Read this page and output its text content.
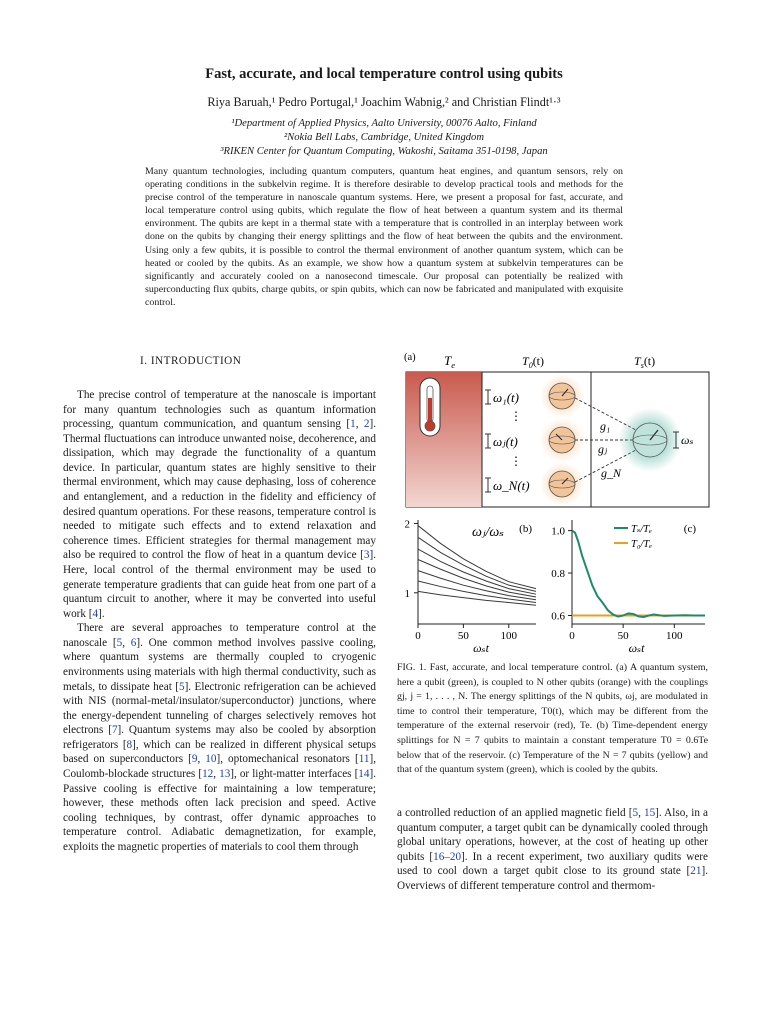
Fast, accurate, and local temperature control using qubits
Riya Baruah,¹ Pedro Portugal,¹ Joachim Wabnig,² and Christian Flindt¹·³
¹Department of Applied Physics, Aalto University, 00076 Aalto, Finland
²Nokia Bell Labs, Cambridge, United Kingdom
³RIKEN Center for Quantum Computing, Wakoshi, Saitama 351-0198, Japan
Many quantum technologies, including quantum computers, quantum heat engines, and quantum sensors, rely on operating conditions in the subkelvin regime. It is therefore desirable to develop practical tools and methods for the precise control of the temperature in nanoscale quantum systems. Here, we present a proposal for fast, accurate, and local temperature control using qubits, which regulate the flow of heat between a quantum system and its thermal environment. The qubits are kept in a thermal state with a temperature that is controlled in an interplay between work done on the qubits by changing their energy splittings and the flow of heat between the qubits and the environment. Using only a few qubits, it is possible to control the thermal environment of another quantum system, which can be heated or cooled by the qubits. As an example, we show how a quantum system at subkelvin temperatures can be significantly and accurately cooled on a nanosecond timescale. Our proposal can potentially be realized with superconducting flux qubits, charge qubits, or spin qubits, which can now be fabricated and manipulated with exquisite control.
I. INTRODUCTION

The precise control of temperature at the nanoscale is important for many quantum technologies such as quantum information processing, quantum communication, and quantum sensing [1, 2]. Thermal fluctuations can introduce unwanted noise, decoherence, and dissipation, which may degrade the functionality of a quantum device. In particular, quantum states are highly sensitive to their thermal environment, which may cause dephasing, loss of coherence and entanglement, and a reduction in the fidelity and efficiency of desired quantum operations. For these reasons, temperature control is needed to mitigate such effects and to extend relaxation and coherence times. Efficient strategies for thermal management may also be required to control the flow of heat in a quantum device [3]. Here, local control of the thermal environment may be used to generate temperature gradients that can guide heat from one part of a quantum circuit to another, where it may be converted into useful work [4].

There are several approaches to temperature control at the nanoscale [5, 6]. One common method involves passive cooling, where quantum systems are thermally coupled to cryogenic environments using materials with high thermal conductivity, such as metals, to dissipate heat [5]. Electronic refrigeration can be achieved with NIS (normal-metal/insulator/superconductor) junctions, where the energy-dependent tunneling of charges selectively removes hot electrons [7]. Quantum systems may also be cooled by absorption refrigerators [8], which can be realized in different physical setups based on superconductors [9, 10], optomechanical resonators [11], Coulomb-blockade structures [12, 13], or light-matter interfaces [14]. Passive cooling is effective for maintaining a low temperature; however, these methods often lack precision and speed. Active cooling techniques, by contrast, offer dynamic approaches to temperature control. Adiabatic demagnetization, for example, exploits the magnetic properties of materials to cool them through

a controlled reduction of an applied magnetic field [5, 15]. Also, in a quantum computer, a target qubit can be dynamically cooled through global unitary operations, however, at the cost of heating up other qubits [16–20]. In a recent experiment, two auxiliary qudits were used to cool down a target qubit close to its ground state [21]. Overviews of different temperature control and thermom-

(a) $T_e$	$T_0(t)$	$T_s(t)$
ω₁(t)
⋮
ωⱼ(t)
⋮
ω_N(t)
g₁
gⱼ
g_N
ωₛ
0	50	100
1
2
ωⱼ/ωₛ (b)
ωₛt
0	50	100
0.6
0.8
1.0	Tₛ/Tₑ
T₀/Tₑ
(c)
ωₛt
FIG. 1. Fast, accurate, and local temperature control. (a) A quantum system, here a qubit (green), is coupled to N other qubits (orange) with the couplings gj, j = 1, . . . , N. The energy splittings of the N qubits, ωj, are modulated in time to control their temperature, T0(t), which may be different from the temperature of the external reservoir (red), Te. (b) Time-dependent energy splittings for N = 7 qubits to maintain a constant temperature T0 = 0.6Te below that of the reservoir. (c) Temperature of the N = 7 qubits (yellow) and that of the quantum system (green), which is cooled by the qubits.
